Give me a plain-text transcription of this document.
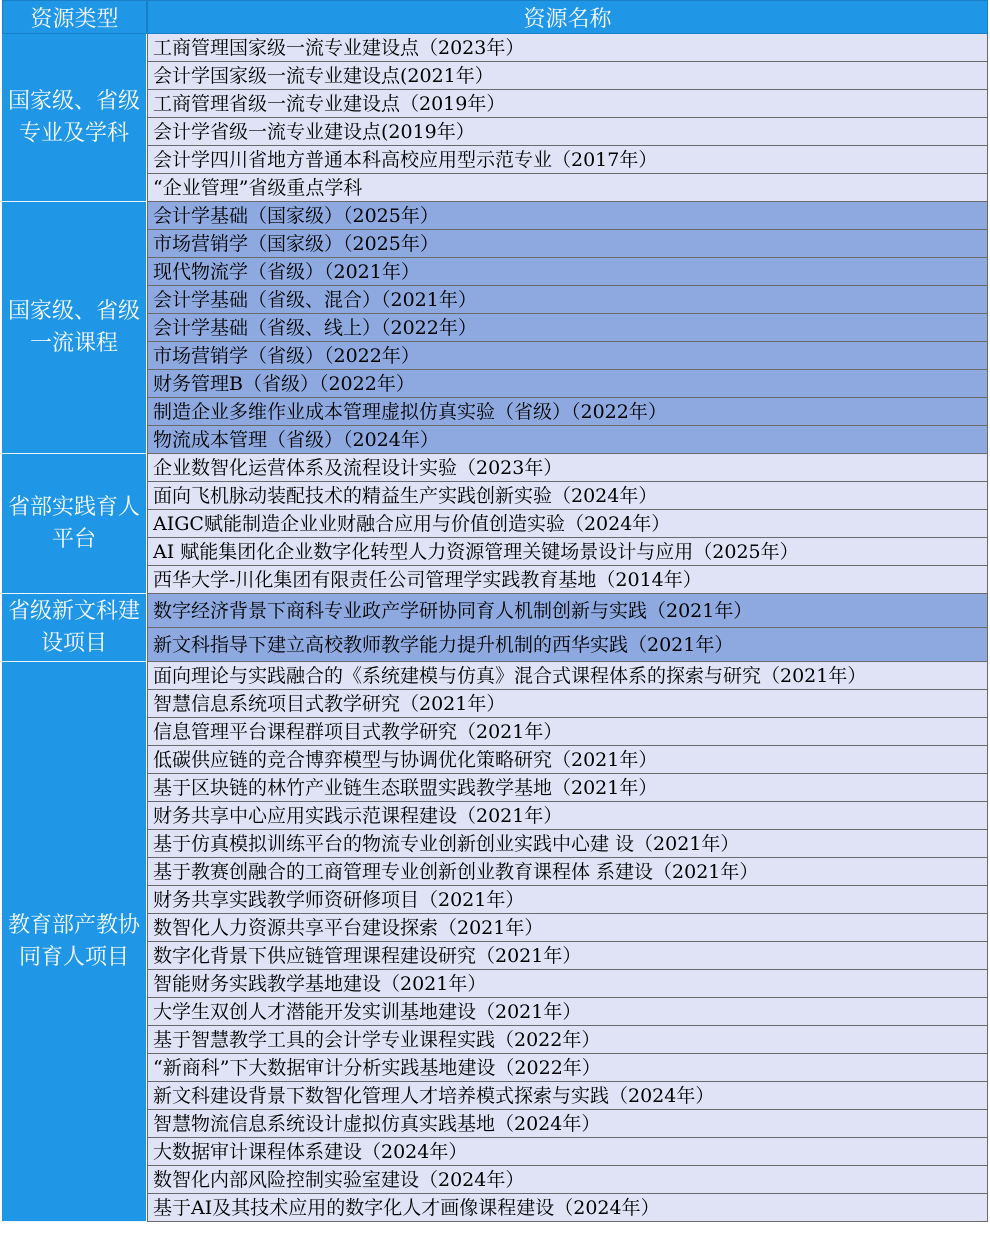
资源类型	资源名称
国家级、省级专业及学科
工商管理国家级一流专业建设点（2023年）
会计学国家级一流专业建设点(2021年）
工商管理省级一流专业建设点（2019年）
会计学省级一流专业建设点(2019年）
会计学四川省地方普通本科高校应用型示范专业（2017年）
“企业管理”省级重点学科
国家级、省级一流课程
会计学基础（国家级）（2025年）
市场营销学（国家级）（2025年）
现代物流学（省级）（2021年）
会计学基础（省级、混合）（2021年）
会计学基础（省级、线上）（2022年）
市场营销学（省级）（2022年）
财务管理B（省级）（2022年）
制造企业多维作业成本管理虚拟仿真实验（省级）（2022年）
物流成本管理（省级）（2024年）
省部实践育人平台
企业数智化运营体系及流程设计实验（2023年）
面向飞机脉动装配技术的精益生产实践创新实验（2024年）
AIGC赋能制造企业业财融合应用与价值创造实验（2024年）
AI 赋能集团化企业数字化转型人力资源管理关键场景设计与应用（2025年）
西华大学-川化集团有限责任公司管理学实践教育基地（2014年）
省级新文科建设项目
数字经济背景下商科专业政产学研协同育人机制创新与实践（2021年）
新文科指导下建立高校教师教学能力提升机制的西华实践（2021年）
教育部产教协同育人项目
面向理论与实践融合的《系统建模与仿真》混合式课程体系的探索与研究（2021年）
智慧信息系统项目式教学研究（2021年）
信息管理平台课程群项目式教学研究（2021年）
低碳供应链的竞合博弈模型与协调优化策略研究（2021年）
基于区块链的林竹产业链生态联盟实践教学基地（2021年）
财务共享中心应用实践示范课程建设（2021年）
基于仿真模拟训练平台的物流专业创新创业实践中心建 设（2021年）
基于教赛创融合的工商管理专业创新创业教育课程体 系建设（2021年）
财务共享实践教学师资研修项目（2021年）
数智化人力资源共享平台建设探索（2021年）
数字化背景下供应链管理课程建设研究（2021年）
智能财务实践教学基地建设（2021年）
大学生双创人才潜能开发实训基地建设（2021年）
基于智慧教学工具的会计学专业课程实践（2022年）
“新商科”下大数据审计分析实践基地建设（2022年）
新文科建设背景下数智化管理人才培养模式探索与实践（2024年）
智慧物流信息系统设计虚拟仿真实践基地（2024年）
大数据审计课程体系建设（2024年）
数智化内部风险控制实验室建设（2024年）
基于AI及其技术应用的数字化人才画像课程建设（2024年）
